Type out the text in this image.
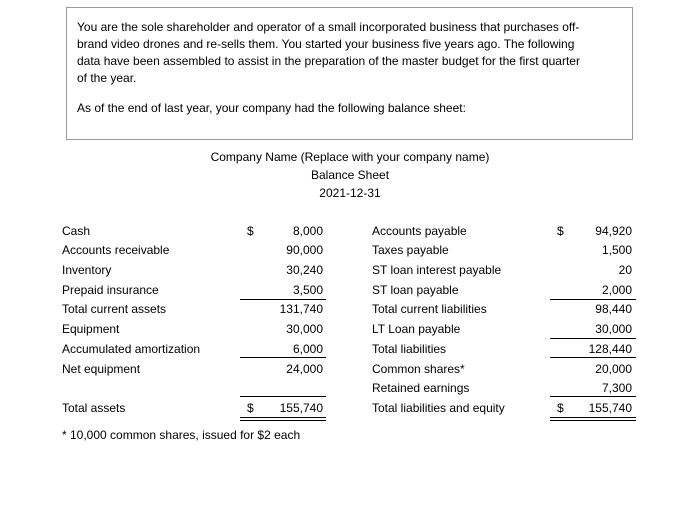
You are the sole shareholder and operator of a small incorporated business that purchases off-

brand video drones and re-sells them. You started your business five years ago. The following

data have been assembled to assist in the preparation of the master budget for the first quarter

of the year.

As of the end of last year, your company had the following balance sheet:

Company Name (Replace with your company name)
Balance Sheet
2021-12-31
Cash	$	8,000
Accounts receivable	90,000
Inventory	30,240
Prepaid insurance	3,500
Total current assets	131,740
Equipment	30,000
Accumulated amortization	6,000
Net equipment	24,000
Total assets	$	155,740
Accounts payable	$	94,920
Taxes payable	1,500
ST loan interest payable	20
ST loan payable	2,000
Total current liabilities	98,440
LT Loan payable	30,000
Total liabilities	128,440
Common shares*	20,000
Retained earnings	7,300
Total liabilities and equity	$	155,740
* 10,000 common shares, issued for $2 each
